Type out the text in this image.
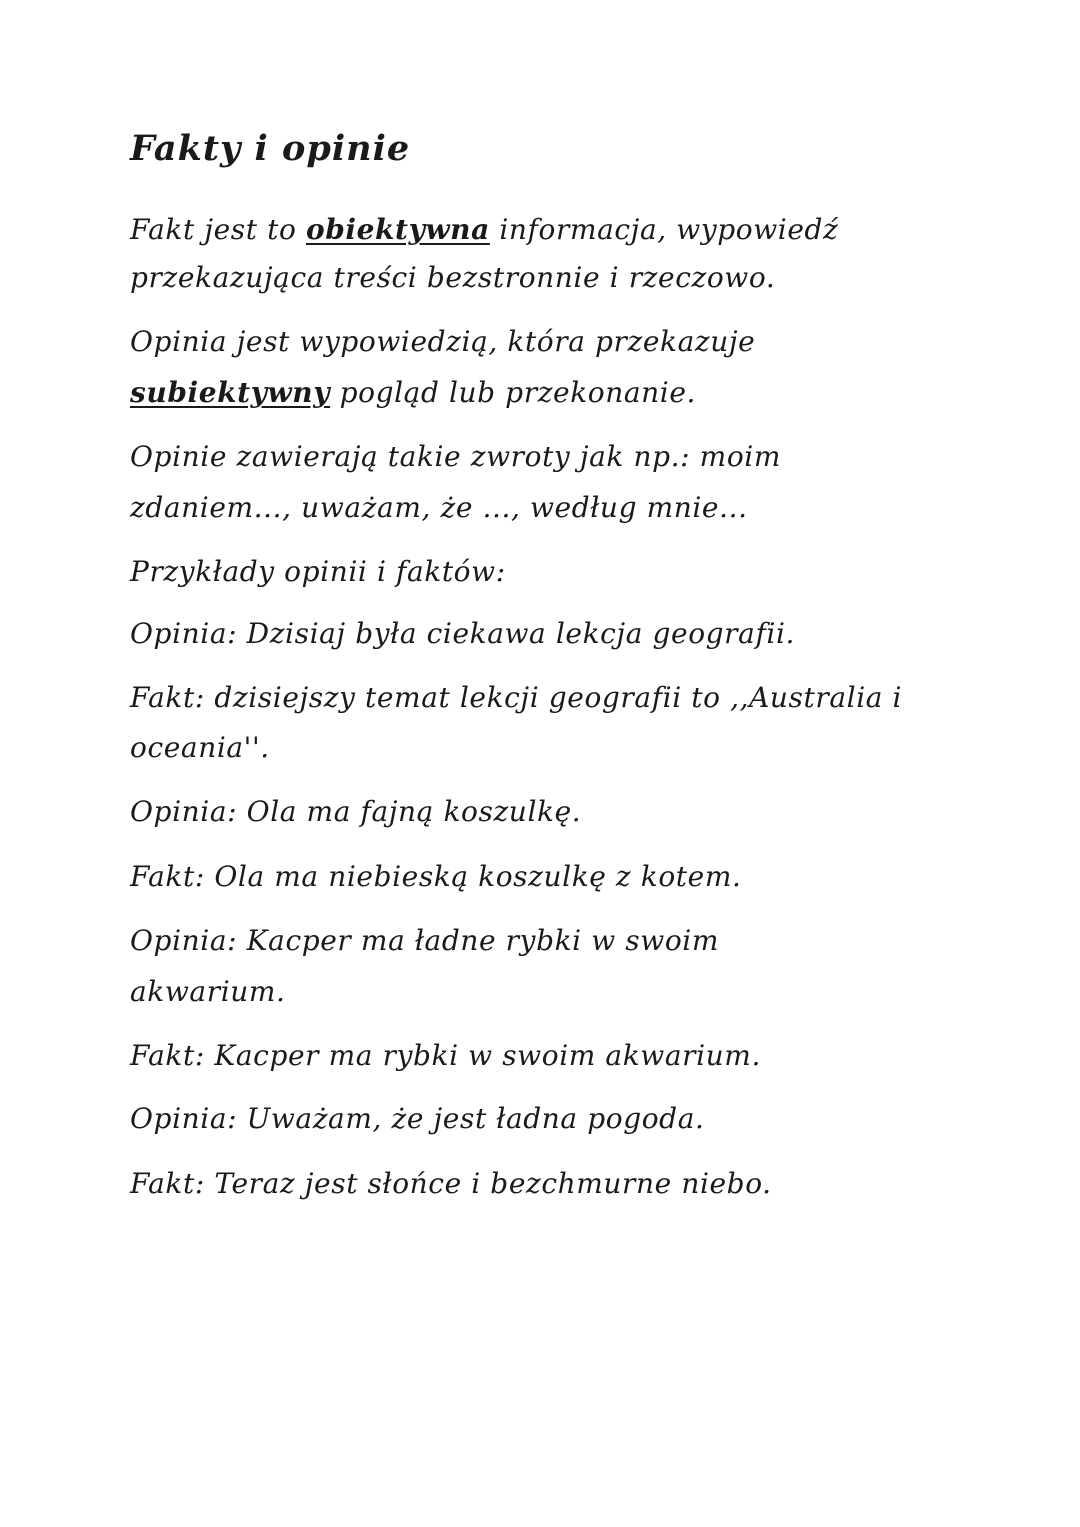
Fakty i opinie
Fakt jest to obiektywna informacja, wypowiedź
przekazująca treści bezstronnie i rzeczowo.
Opinia jest wypowiedzią, która przekazuje
subiektywny pogląd lub przekonanie.
Opinie zawierają takie zwroty jak np.: moim
zdaniem..., uważam, że ..., według mnie...
Przykłady opinii i faktów:
Opinia: Dzisiaj była ciekawa lekcja geografii.
Fakt: dzisiejszy temat lekcji geografii to ,,Australia i
oceania''.
Opinia: Ola ma fajną koszulkę.
Fakt: Ola ma niebieską koszulkę z kotem.
Opinia: Kacper ma ładne rybki w swoim
akwarium.
Fakt: Kacper ma rybki w swoim akwarium.
Opinia: Uważam, że jest ładna pogoda.
Fakt: Teraz jest słońce i bezchmurne niebo.
